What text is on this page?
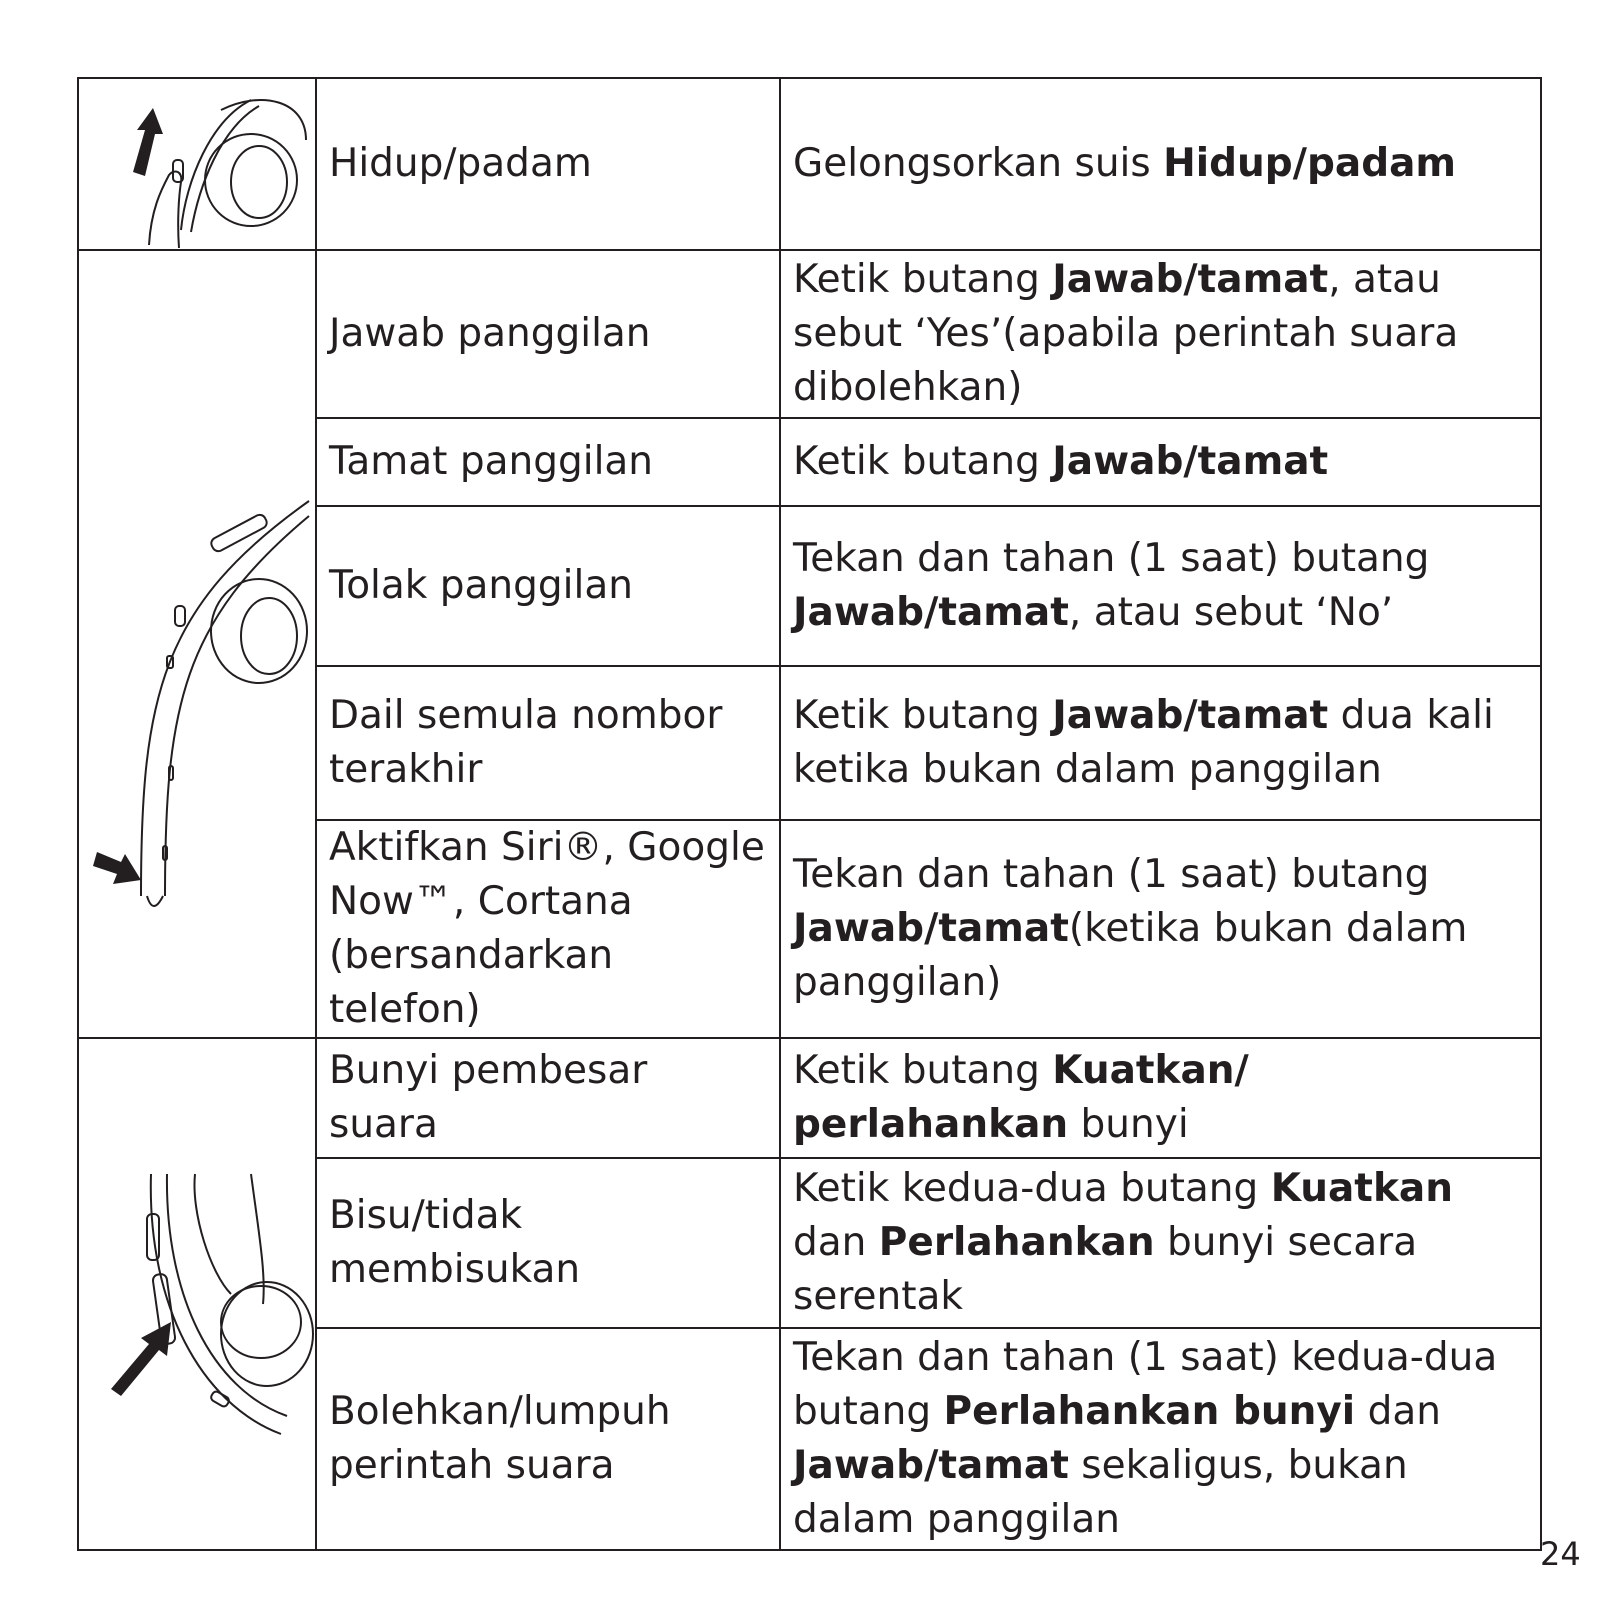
	Hidup/padam	Gelongsorkan suis Hidup/padam

	Jawab panggilan	Ketik butang Jawab/tamat, atau sebut ‘Yes’(apabila perintah suara dibolehkan)
	Tamat panggilan	Ketik butang Jawab/tamat
	Tolak panggilan	Tekan dan tahan (1 saat) butang Jawab/tamat, atau sebut ‘No’
	Dail semula nombor terakhir	Ketik butang Jawab/tamat dua kali ketika bukan dalam panggilan
	Aktifkan Siri®, Google Now™, Cortana (bersandarkan telefon)	Tekan dan tahan (1 saat) butang Jawab/tamat(ketika bukan dalam panggilan)

	Bunyi pembesar suara	Ketik butang Kuatkan/ perlahankan bunyi
	Bisu/tidak membisukan	Ketik kedua-dua butang Kuatkan dan Perlahankan bunyi secara serentak
	Bolehkan/lumpuh perintah suara	Tekan dan tahan (1 saat) kedua-dua butang Perlahankan bunyi dan Jawab/tamat sekaligus, bukan dalam panggilan
24
